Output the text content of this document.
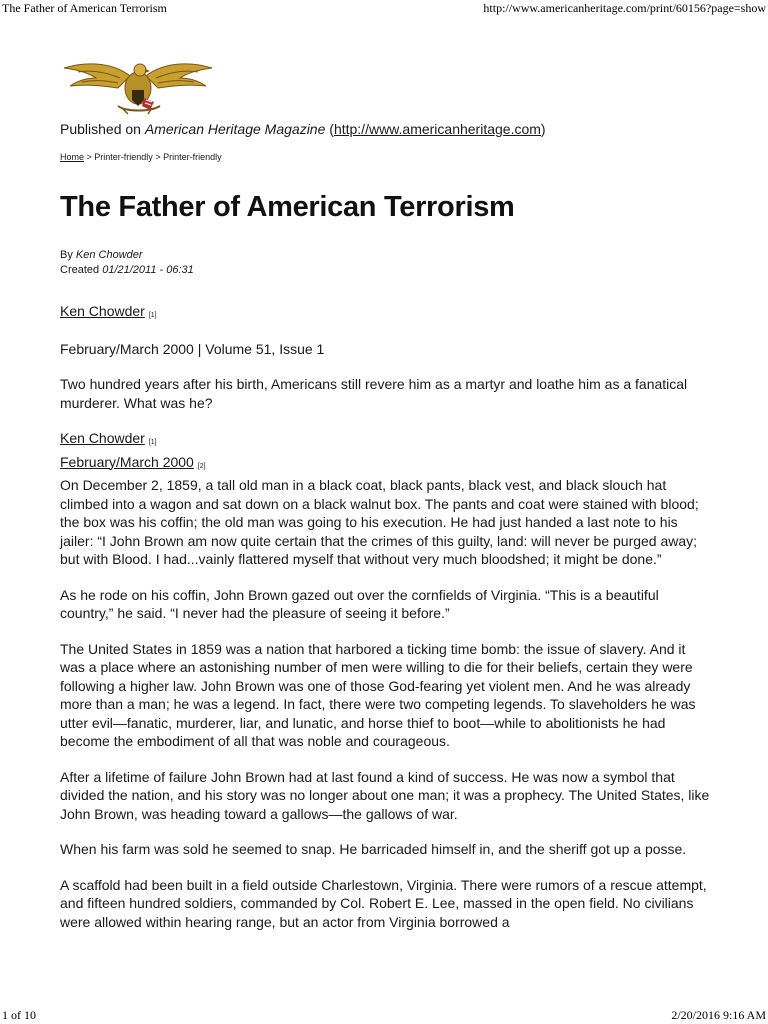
The Father of American Terrorism	http://www.americanheritage.com/print/60156?page=show
Published on American Heritage Magazine (http://www.americanheritage.com)
Home > Printer-friendly > Printer-friendly
The Father of American Terrorism
By Ken Chowder
Created 01/21/2011 - 06:31

Ken Chowder [1]

February/March 2000 | Volume 51, Issue 1

Two hundred years after his birth, Americans still revere him as a martyr and loathe him as a fanatical murderer. What was he?

Ken Chowder [1]
February/March 2000 [2]

On December 2, 1859, a tall old man in a black coat, black pants, black vest, and black slouch hat climbed into a wagon and sat down on a black walnut box. The pants and coat were stained with blood; the box was his coffin; the old man was going to his execution. He had just handed a last note to his jailer: “I John Brown am now quite certain that the crimes of this guilty, land: will never be purged away; but with Blood. I had...vainly flattered myself that without very much bloodshed; it might be done.”

As he rode on his coffin, John Brown gazed out over the cornfields of Virginia. “This is a beautiful country,” he said. “I never had the pleasure of seeing it before.”

The United States in 1859 was a nation that harbored a ticking time bomb: the issue of slavery. And it was a place where an astonishing number of men were willing to die for their beliefs, certain they were following a higher law. John Brown was one of those God-fearing yet violent men. And he was already more than a man; he was a legend. In fact, there were two competing legends. To slaveholders he was utter evil—fanatic, murderer, liar, and lunatic, and horse thief to boot—while to abolitionists he had become the embodiment of all that was noble and courageous.

After a lifetime of failure John Brown had at last found a kind of success. He was now a symbol that divided the nation, and his story was no longer about one man; it was a prophecy. The United States, like John Brown, was heading toward a gallows—the gallows of war.

When his farm was sold he seemed to snap. He barricaded himself in, and the sheriff got up a posse.

A scaffold had been built in a field outside Charlestown, Virginia. There were rumors of a rescue attempt, and fifteen hundred soldiers, commanded by Col. Robert E. Lee, massed in the open field. No civilians were allowed within hearing range, but an actor from Virginia borrowed a

1 of 10	2/20/2016 9:16 AM
